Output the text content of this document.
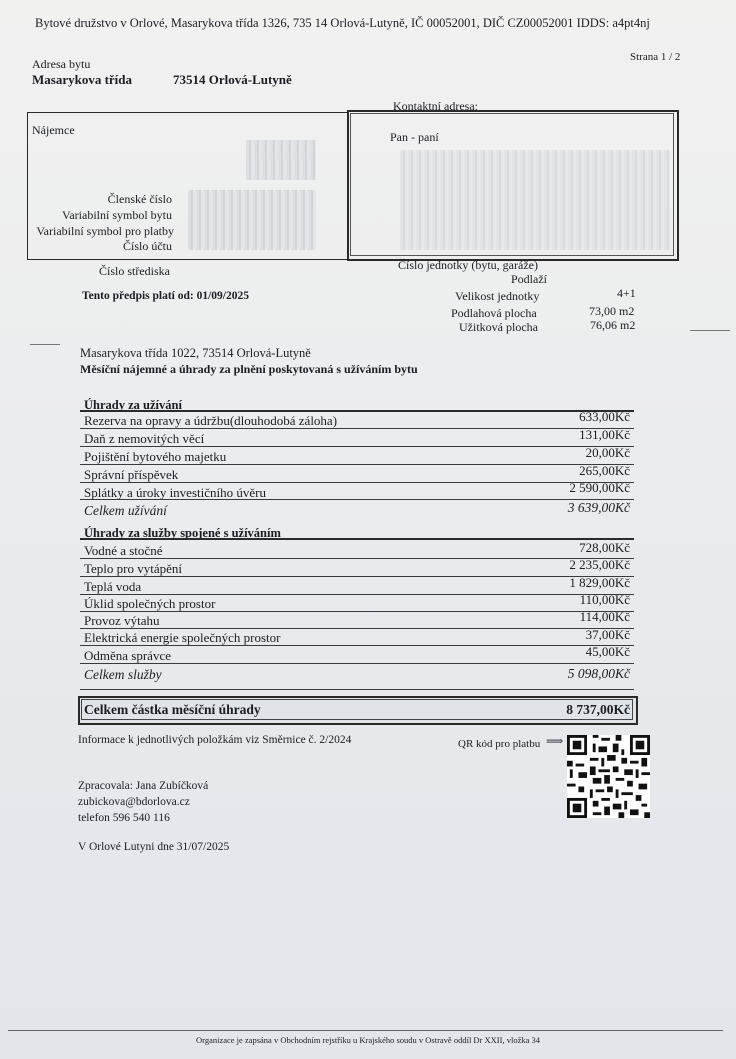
Bytové družstvo v Orlové, Masarykova třída 1326, 735 14 Orlová-Lutyně, IČ 00052001, DIČ CZ00052001 IDDS: a4pt4nj
Strana 1 / 2
Adresa bytu
Masarykova třída	73514 Orlová-Lutyně
Kontaktní adresa:
Nájemce	Pan - paní
Členské číslo
Variabilní symbol bytu
Variabilní symbol pro platby
Číslo účtu
Číslo střediska	Číslo jednotky (bytu, garáže)
Podlaží
Tento předpis platí od: 01/09/2025	Velikost jednotky	4+1
Podlahová plocha	73,00 m2
Užitková plocha	76,06 m2
Masarykova třída 1022, 73514 Orlová-Lutyně
Měsíční nájemné a úhrady za plnění poskytovaná s užíváním bytu
Úhrady za užívání
Rezerva na opravy a údržbu(dlouhodobá záloha)	633,00Kč
Daň z nemovitých věcí	131,00Kč
Pojištění bytového majetku	20,00Kč
Správní příspěvek	265,00Kč
Splátky a úroky investičního úvěru	2 590,00Kč
Celkem užívání	3 639,00Kč
Úhrady za služby spojené s užíváním
Vodné a stočné	728,00Kč
Teplo pro vytápění	2 235,00Kč
Teplá voda	1 829,00Kč
Úklid společných prostor	110,00Kč
Provoz výtahu	114,00Kč
Elektrická energie společných prostor	37,00Kč
Odměna správce	45,00Kč
Celkem služby	5 098,00Kč
Celkem částka měsíční úhrady	8 737,00Kč
Informace k jednotlivých položkám viz Směrnice č. 2/2024	QR kód pro platbu ⟹
Zpracovala: Jana Zubíčková
zubickova@bdorlova.cz
telefon 596 540 116
V Orlové Lutyni dne 31/07/2025
Organizace je zapsána v Obchodním rejstříku u Krajského soudu v Ostravě oddíl Dr XXII, vložka 34
